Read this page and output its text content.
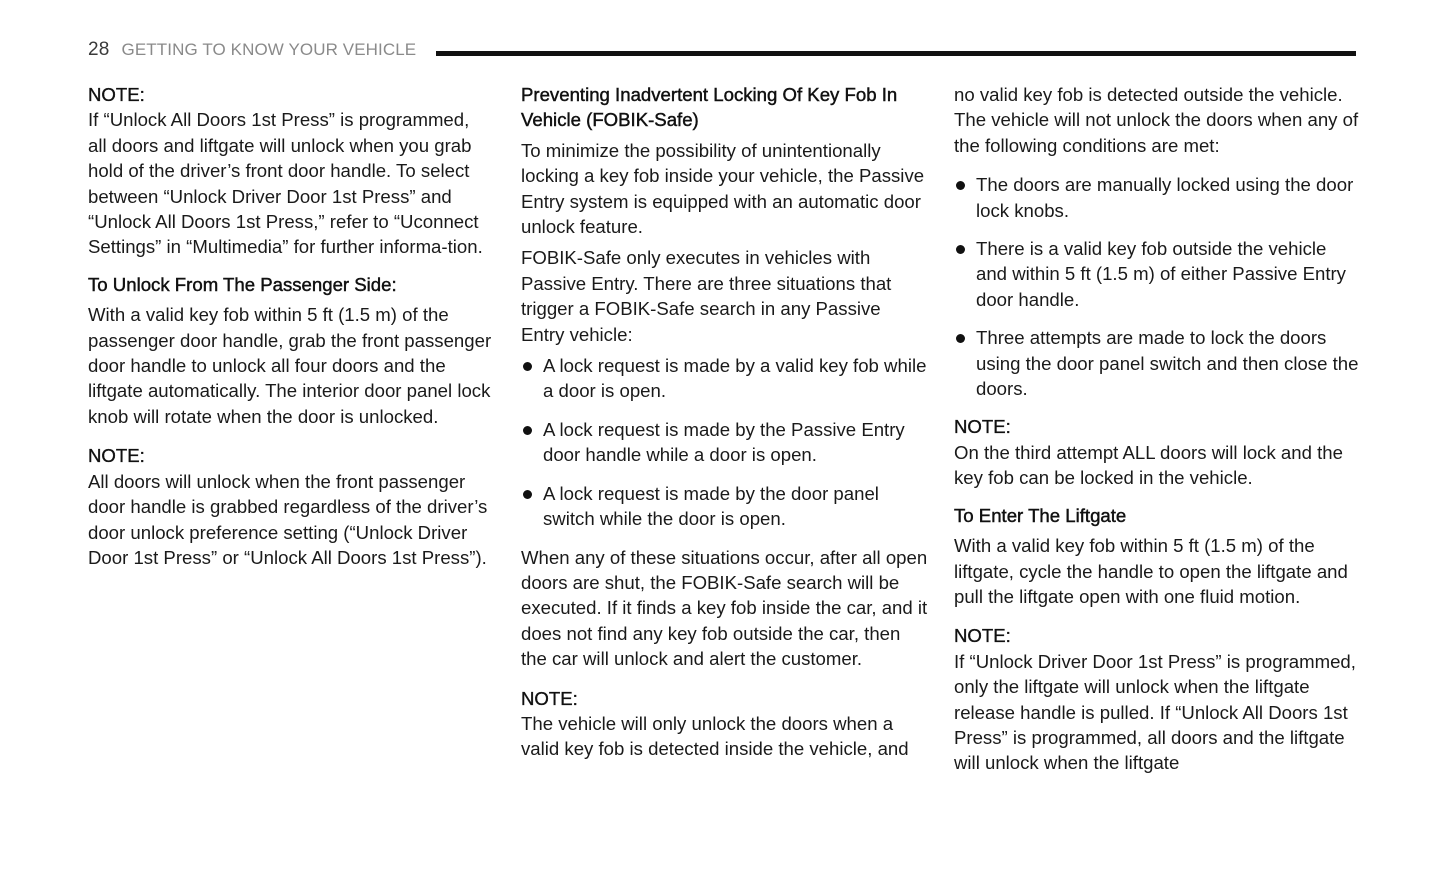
28 GETTING TO KNOW YOUR VEHICLE

NOTE:

If “Unlock All Doors 1st Press” is programmed, all doors and liftgate will unlock when you grab hold of the driver’s front door handle. To select between “Unlock Driver Door 1st Press” and “Unlock All Doors 1st Press,” refer to “Uconnect Settings” in “Multimedia” for further informa-tion.

To Unlock From The Passenger Side:

With a valid key fob within 5 ft (1.5 m) of the passenger door handle, grab the front passenger door handle to unlock all four doors and the liftgate automatically. The interior door panel lock knob will rotate when the door is unlocked.

NOTE:

All doors will unlock when the front passenger door handle is grabbed regardless of the driver’s door unlock preference setting (“Unlock Driver Door 1st Press” or “Unlock All Doors 1st Press”).

Preventing Inadvertent Locking Of Key Fob In Vehicle (FOBIK-Safe)

To minimize the possibility of unintentionally locking a key fob inside your vehicle, the Passive Entry system is equipped with an automatic door unlock feature.

FOBIK-Safe only executes in vehicles with Passive Entry. There are three situations that trigger a FOBIK-Safe search in any Passive Entry vehicle:

A lock request is made by a valid key fob while a door is open.
A lock request is made by the Passive Entry door handle while a door is open.
A lock request is made by the door panel switch while the door is open.

When any of these situations occur, after all open doors are shut, the FOBIK-Safe search will be executed. If it finds a key fob inside the car, and it does not find any key fob outside the car, then the car will unlock and alert the customer.

NOTE:

The vehicle will only unlock the doors when a valid key fob is detected inside the vehicle, and

no valid key fob is detected outside the vehicle. The vehicle will not unlock the doors when any of the following conditions are met:

The doors are manually locked using the door lock knobs.
There is a valid key fob outside the vehicle and within 5 ft (1.5 m) of either Passive Entry door handle.
Three attempts are made to lock the doors using the door panel switch and then close the doors.

NOTE:

On the third attempt ALL doors will lock and the key fob can be locked in the vehicle.

To Enter The Liftgate

With a valid key fob within 5 ft (1.5 m) of the liftgate, cycle the handle to open the liftgate and pull the liftgate open with one fluid motion.

NOTE:

If “Unlock Driver Door 1st Press” is programmed, only the liftgate will unlock when the liftgate release handle is pulled. If “Unlock All Doors 1st Press” is programmed, all doors and the liftgate will unlock when the liftgate
